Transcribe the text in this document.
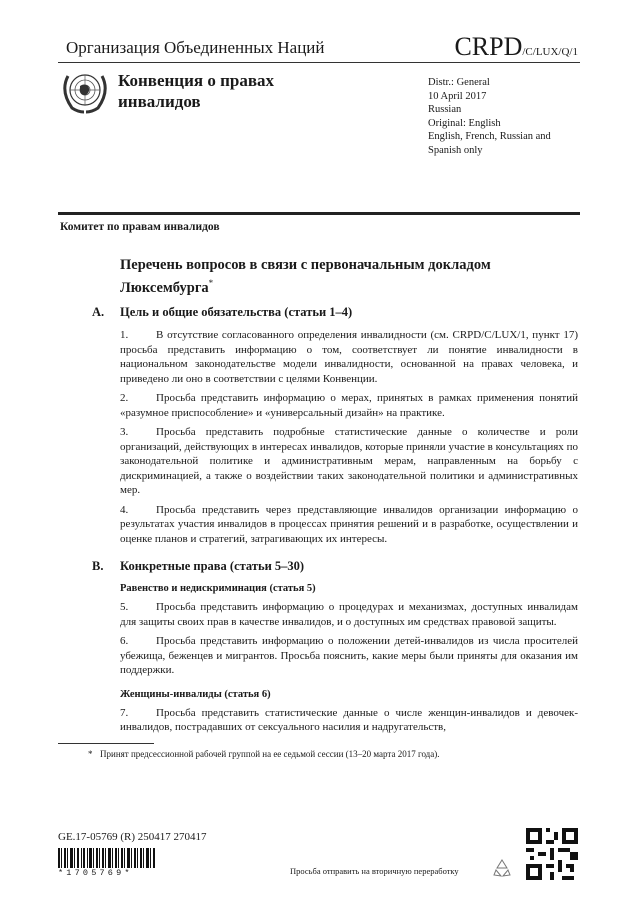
Организация Объединенных Наций	CRPD/C/LUX/Q/1
Конвенция о правах инвалидов
Distr.: General
10 April 2017
Russian
Original: English
English, French, Russian and Spanish only
Комитет по правам инвалидов
Перечень вопросов в связи с первоначальным докладом Люксембурга*
A. Цель и общие обязательства (статьи 1–4)
1.	В отсутствие согласованного определения инвалидности (см. CRPD/C/LUX/1, пункт 17) просьба представить информацию о том, соответствует ли понятие инвалидности в национальном законодательстве модели инвалидности, основанной на правах человека, и приведено ли оно в соответствии с целями Конвенции.
2.	Просьба представить информацию о мерах, принятых в рамках применения понятий «разумное приспособление» и «универсальный дизайн» на практике.
3.	Просьба представить подробные статистические данные о количестве и роли организаций, действующих в интересах инвалидов, которые приняли участие в консультациях по законодательной политике и административным мерам, направленным на борьбу с дискриминацией, а также о воздействии таких законодательной политики и административных мер.
4.	Просьба представить через представляющие инвалидов организации информацию о результатах участия инвалидов в процессах принятия решений и в разработке, осуществлении и оценке планов и стратегий, затрагивающих их интересы.
B. Конкретные права (статьи 5–30)
Равенство и недискриминация (статья 5)
5.	Просьба представить информацию о процедурах и механизмах, доступных инвалидам для защиты своих прав в качестве инвалидов, и о доступных им средствах правовой защиты.
6.	Просьба представить информацию о положении детей-инвалидов из числа просителей убежища, беженцев и мигрантов. Просьба пояснить, какие меры были приняты для оказания им поддержки.
Женщины-инвалиды (статья 6)
7.	Просьба представить статистические данные о числе женщин-инвалидов и девочек-инвалидов, пострадавших от сексуального насилия и надругательств,
* Принят предсессионной рабочей группой на ее седьмой сессии (13–20 марта 2017 года).
GE.17-05769 (R) 250417 270417
*1705769*	Просьба отправить на вторичную переработку
